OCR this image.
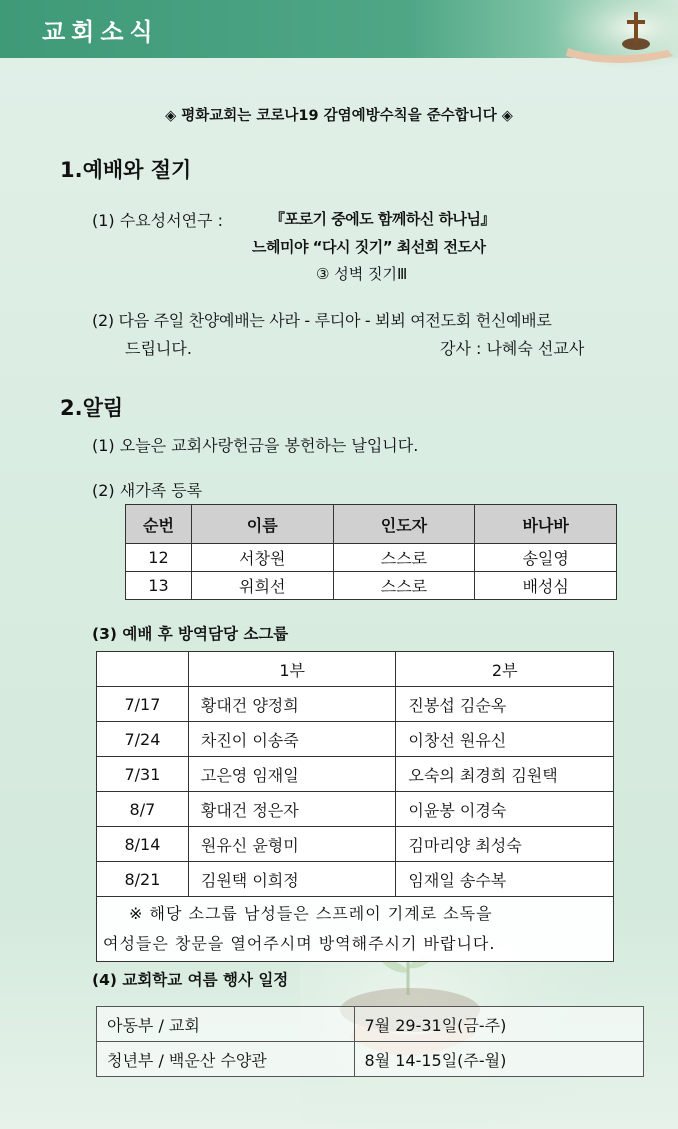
교회소식
◈ 평화교회는 코로나19 감염예방수칙을 준수합니다 ◈
1.예배와 절기
(1) 수요성서연구 :	『포로기 중에도 함께하신 하나님』
느헤미야 “다시 짓기” 최선희 전도사
③ 성벽 짓기Ⅲ
(2) 다음 주일 찬양예배는 사라 - 루디아 - 뵈뵈 여전도회 헌신예배로
드립니다.	강사 : 나혜숙 선교사
2.알림
(1) 오늘은 교회사랑헌금을 봉헌하는 날입니다.
(2) 새가족 등록
순번	이름	인도자	바나바
12	서창원	스스로	송일영
13	위희선	스스로	배성심
(3) 예배 후 방역담당 소그룹
	1부	2부
7/17	황대건 양정희	진봉섭 김순옥
7/24	차진이 이송죽	이창선 원유신
7/31	고은영 임재일	오숙의 최경희 김원택
8/7	황대건 정은자	이윤봉 이경숙
8/14	원유신 윤형미	김마리양 최성숙
8/21	김원택 이희정	임재일 송수복

※ 해당 소그룹 남성들은 스프레이 기계로 소독을
여성들은 창문을 열어주시며 방역해주시기 바랍니다.		
(4) 교회학교 여름 행사 일정
아동부 / 교회	7월 29-31일(금-주)
청년부 / 백운산 수양관	8월 14-15일(주-월)
